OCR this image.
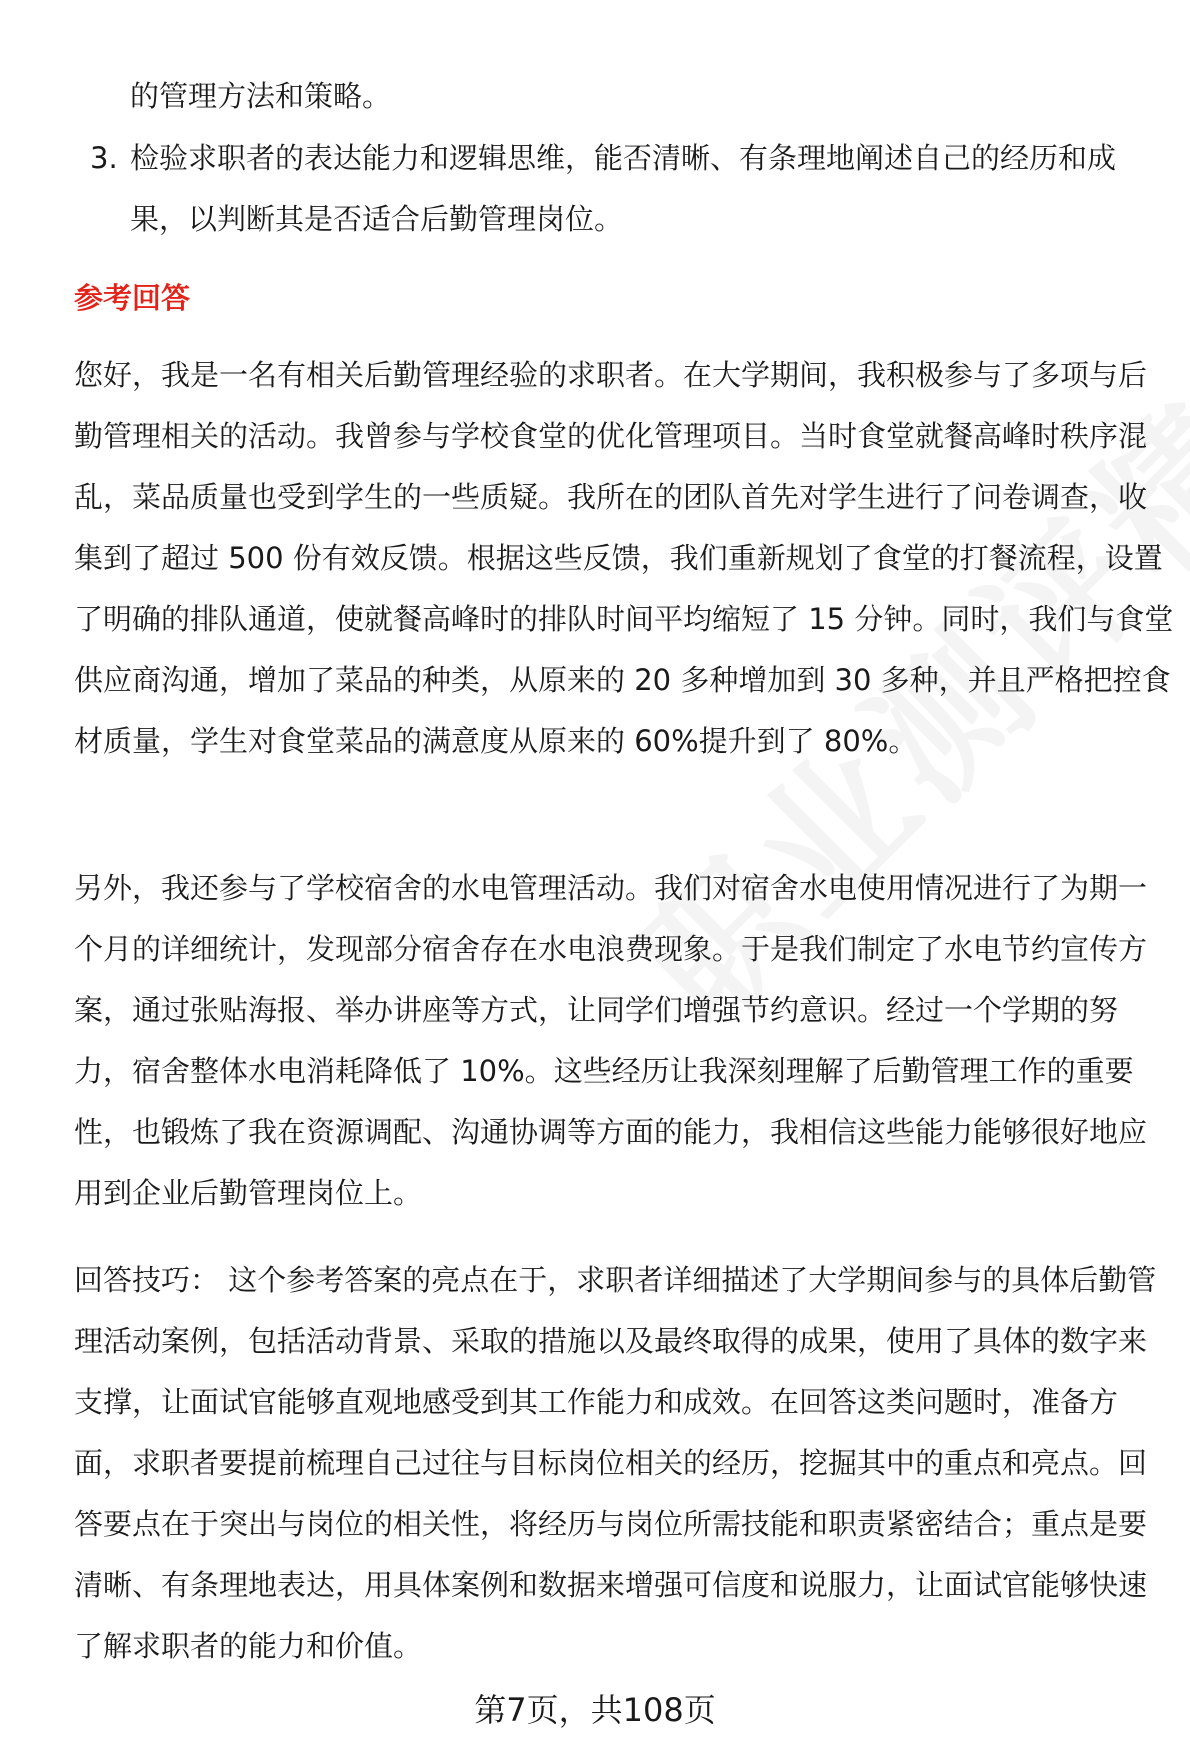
的管理方法和策略。
3. 检验求职者的表达能力和逻辑思维，能否清晰、有条理地阐述自己的经历和成果，以判断其是否适合后勤管理岗位。
参考回答
您好，我是一名有相关后勤管理经验的求职者。在大学期间，我积极参与了多项与后勤管理相关的活动。我曾参与学校食堂的优化管理项目。当时食堂就餐高峰时秩序混乱，菜品质量也受到学生的一些质疑。我所在的团队首先对学生进行了问卷调查，收集到了超过 500 份有效反馈。根据这些反馈，我们重新规划了食堂的打餐流程，设置了明确的排队通道，使就餐高峰时的排队时间平均缩短了 15 分钟。同时，我们与食堂供应商沟通，增加了菜品的种类，从原来的 20 多种增加到 30 多种，并且严格把控食材质量，学生对食堂菜品的满意度从原来的 60%提升到了 80%。
另外，我还参与了学校宿舍的水电管理活动。我们对宿舍水电使用情况进行了为期一个月的详细统计，发现部分宿舍存在水电浪费现象。于是我们制定了水电节约宣传方案，通过张贴海报、举办讲座等方式，让同学们增强节约意识。经过一个学期的努力，宿舍整体水电消耗降低了 10%。这些经历让我深刻理解了后勤管理工作的重要性，也锻炼了我在资源调配、沟通协调等方面的能力，我相信这些能力能够很好地应用到企业后勤管理岗位上。
回答技巧： 这个参考答案的亮点在于，求职者详细描述了大学期间参与的具体后勤管理活动案例，包括活动背景、采取的措施以及最终取得的成果，使用了具体的数字来支撑，让面试官能够直观地感受到其工作能力和成效。在回答这类问题时，准备方面，求职者要提前梳理自己过往与目标岗位相关的经历，挖掘其中的重点和亮点。回答要点在于突出与岗位的相关性，将经历与岗位所需技能和职责紧密结合；重点是要清晰、有条理地表达，用具体案例和数据来增强可信度和说服力，让面试官能够快速了解求职者的能力和价值。
第7页，共108页
